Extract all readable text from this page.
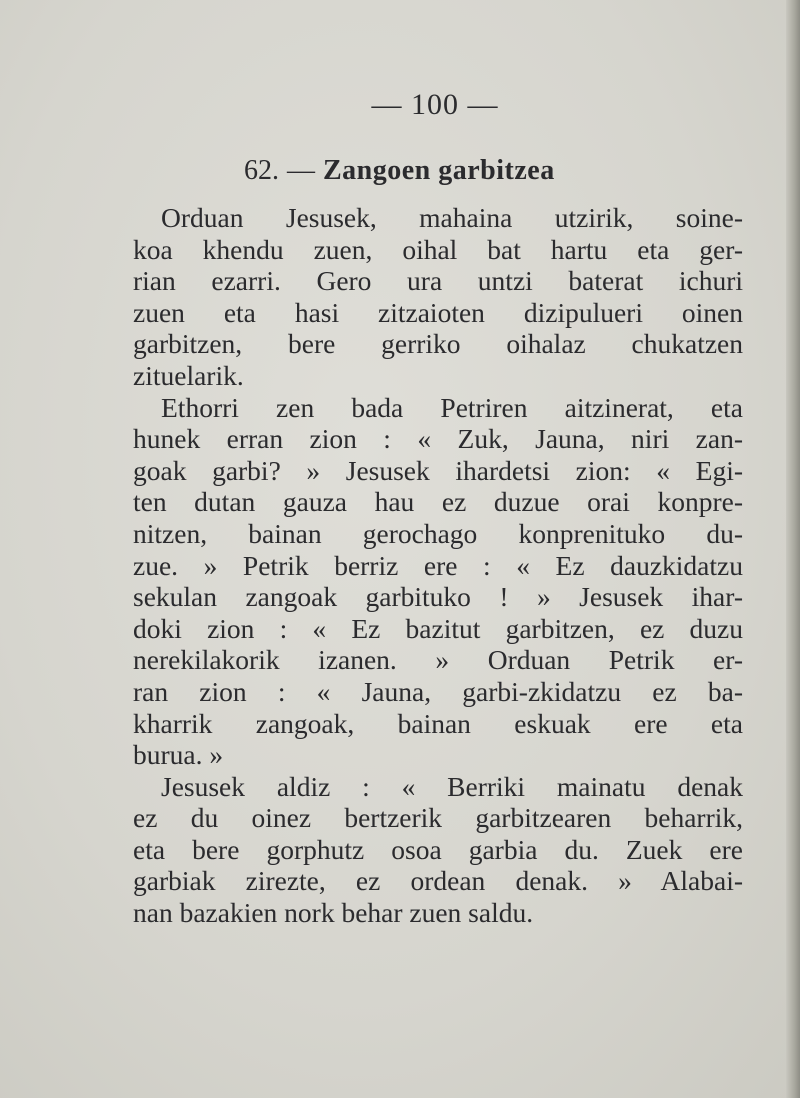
— 100 —
62. — Zangoen garbitzea
Orduan Jesusek, mahaina utzirik, soine-
koa khendu zuen, oihal bat hartu eta ger-
rian ezarri. Gero ura untzi baterat ichuri
zuen eta hasi zitzaioten dizipulueri oinen
garbitzen, bere gerriko oihalaz chukatzen
zituelarik.
Ethorri zen bada Petriren aitzinerat, eta
hunek erran zion : « Zuk, Jauna, niri zan-
goak garbi? » Jesusek ihardetsi zion: « Egi-
ten dutan gauza hau ez duzue orai konpre-
nitzen, bainan gerochago konprenituko du-
zue. » Petrik berriz ere : « Ez dauzkidatzu
sekulan zangoak garbituko ! » Jesusek ihar-
doki zion : « Ez bazitut garbitzen, ez duzu
nerekilakorik izanen. » Orduan Petrik er-
ran zion : « Jauna, garbi-zkidatzu ez ba-
kharrik zangoak, bainan eskuak ere eta
burua. »
Jesusek aldiz : « Berriki mainatu denak
ez du oinez bertzerik garbitzearen beharrik,
eta bere gorphutz osoa garbia du. Zuek ere
garbiak zirezte, ez ordean denak. » Alabai-
nan bazakien nork behar zuen saldu.
